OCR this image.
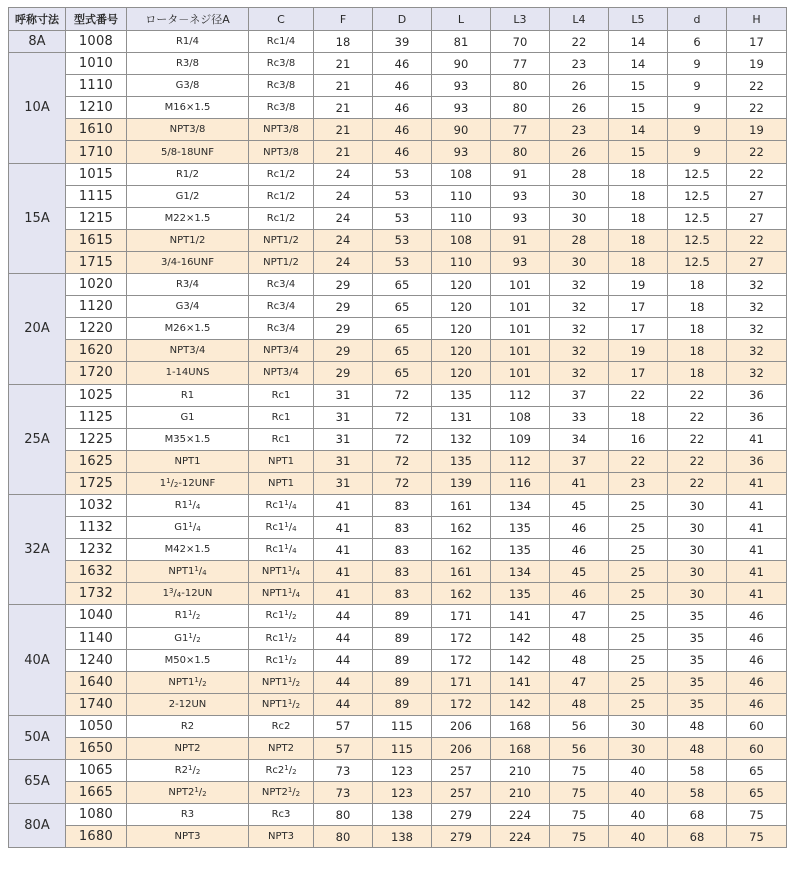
呼称寸法	型式番号	ロータ－ネジ径A	C	F	D	L	L3	L4	L5	d	H
8A	1008	R1/4	Rc1/4	18	39	81	70	22	14	6	17
10A	1010	R3/8	Rc3/8	21	46	90	77	23	14	9	19
	1110	G3/8	Rc3/8	21	46	93	80	26	15	9	22
	1210	M16×1.5	Rc3/8	21	46	93	80	26	15	9	22
	1610	NPT3/8	NPT3/8	21	46	90	77	23	14	9	19
	1710	5/8-18UNF	NPT3/8	21	46	93	80	26	15	9	22
15A	1015	R1/2	Rc1/2	24	53	108	91	28	18	12.5	22
	1115	G1/2	Rc1/2	24	53	110	93	30	18	12.5	27
	1215	M22×1.5	Rc1/2	24	53	110	93	30	18	12.5	27
	1615	NPT1/2	NPT1/2	24	53	108	91	28	18	12.5	22
	1715	3/4-16UNF	NPT1/2	24	53	110	93	30	18	12.5	27
20A	1020	R3/4	Rc3/4	29	65	120	101	32	19	18	32
	1120	G3/4	Rc3/4	29	65	120	101	32	17	18	32
	1220	M26×1.5	Rc3/4	29	65	120	101	32	17	18	32
	1620	NPT3/4	NPT3/4	29	65	120	101	32	19	18	32
	1720	1-14UNS	NPT3/4	29	65	120	101	32	17	18	32
25A	1025	R1	Rc1	31	72	135	112	37	22	22	36
	1125	G1	Rc1	31	72	131	108	33	18	22	36
	1225	M35×1.5	Rc1	31	72	132	109	34	16	22	41
	1625	NPT1	NPT1	31	72	135	112	37	22	22	36
	1725	$1^1/_2-12UNF$	NPT1	31	72	139	116	41	23	22	41
32A	1032	$R1^1/_4$	$Rc1^1/_4$	41	83	161	134	45	25	30	41
	1132	$G1^1/_4$	$Rc1^1/_4$	41	83	162	135	46	25	30	41
	1232	M42×1.5	$Rc1^1/_4$	41	83	162	135	46	25	30	41
	1632	$NPT1^1/_4$	$NPT1^1/_4$	41	83	161	134	45	25	30	41
	1732	$1^3/_4-12UN$	$NPT1^1/_4$	41	83	162	135	46	25	30	41
40A	1040	$R1^1/_2$	$Rc1^1/_2$	44	89	171	141	47	25	35	46
	1140	$G1^1/_2$	$Rc1^1/_2$	44	89	172	142	48	25	35	46
	1240	M50×1.5	$Rc1^1/_2$	44	89	172	142	48	25	35	46
	1640	$NPT1^1/_2$	$NPT1^1/_2$	44	89	171	141	47	25	35	46
	1740	2-12UN	$NPT1^1/_2$	44	89	172	142	48	25	35	46
50A	1050	R2	Rc2	57	115	206	168	56	30	48	60
	1650	NPT2	NPT2	57	115	206	168	56	30	48	60
65A	1065	$R2^1/_2$	$Rc2^1/_2$	73	123	257	210	75	40	58	65
	1665	$NPT2^1/_2$	$NPT2^1/_2$	73	123	257	210	75	40	58	65
80A	1080	R3	Rc3	80	138	279	224	75	40	68	75
	1680	NPT3	NPT3	80	138	279	224	75	40	68	75
